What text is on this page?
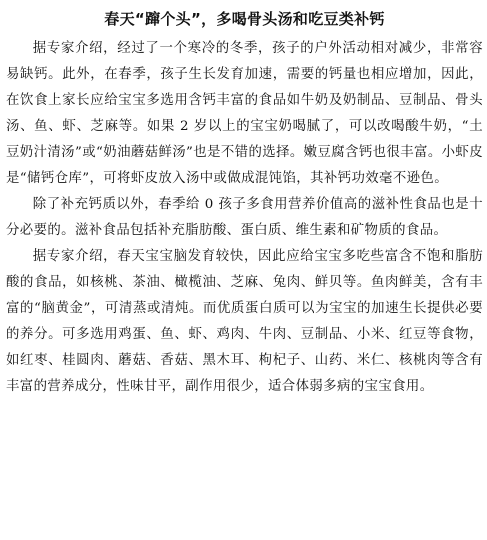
春天“蹿个头”，多喝骨头汤和吃豆类补钙

据专家介绍，经过了一个寒冷的冬季，孩子的户外活动相对减少，非常容易缺钙。此外，在春季，孩子生长发育加速，需要的钙量也相应增加，因此，在饮食上家长应给宝宝多选用含钙丰富的食品如牛奶及奶制品、豆制品、骨头汤、鱼、虾、芝麻等。如果 2 岁以上的宝宝奶喝腻了，可以改喝酸牛奶，“土豆奶汁清汤”或“奶油蘑菇鲜汤”也是不错的选择。嫩豆腐含钙也很丰富。小虾皮是“储钙仓库”，可将虾皮放入汤中或做成混饨馅，其补钙功效毫不逊色。

除了补充钙质以外，春季给 0 孩子多食用营养价值高的滋补性食品也是十分必要的。滋补食品包括补充脂肪酸、蛋白质、维生素和矿物质的食品。

据专家介绍，春天宝宝脑发育较快，因此应给宝宝多吃些富含不饱和脂肪酸的食品，如核桃、茶油、橄榄油、芝麻、兔肉、鲜贝等。鱼肉鲜美，含有丰富的“脑黄金”，可清蒸或清炖。而优质蛋白质可以为宝宝的加速生长提供必要的养分。可多选用鸡蛋、鱼、虾、鸡肉、牛肉、豆制品、小米、红豆等食物，如红枣、桂圆肉、蘑菇、香菇、黑木耳、枸杞子、山药、米仁、核桃肉等含有丰富的营养成分，性味甘平，副作用很少，适合体弱多病的宝宝食用。
